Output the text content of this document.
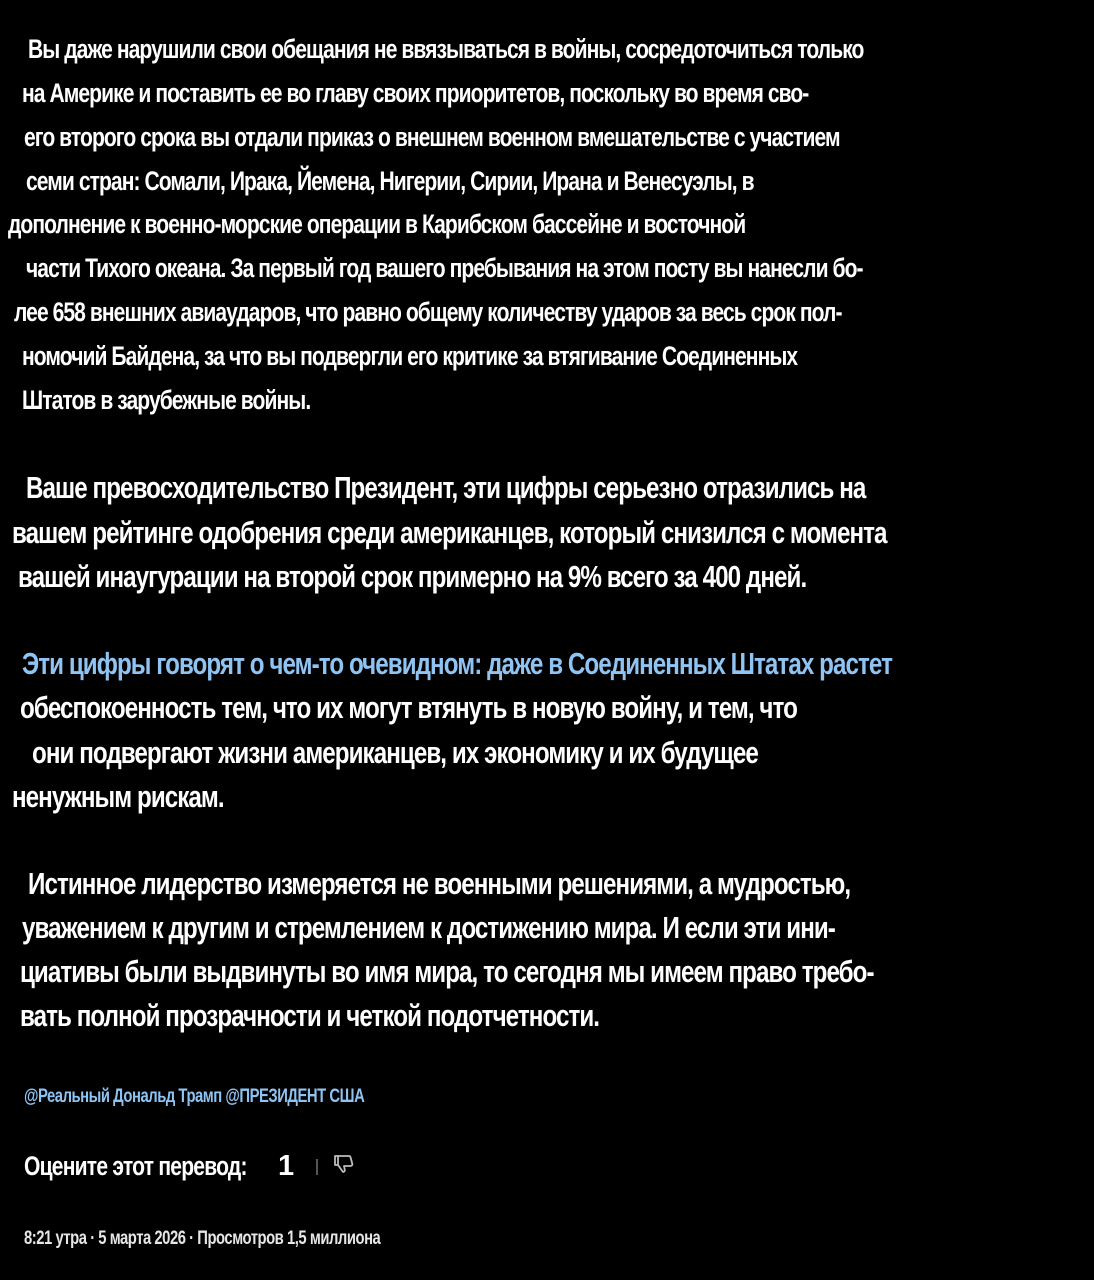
Вы даже нарушили свои обещания не ввязываться в войны, сосредоточиться только
на Америке и поставить ее во главу своих приоритетов, поскольку во время сво-
его второго срока вы отдали приказ о внешнем военном вмешательстве с участием
семи стран: Сомали, Ирака, Йемена, Нигерии, Сирии, Ирана и Венесуэлы, в
дополнение к военно-морские операции в Карибском бассейне и восточной
части Тихого океана. За первый год вашего пребывания на этом посту вы нанесли бо-
лее 658 внешних авиаударов, что равно общему количеству ударов за весь срок пол-
номочий Байдена, за что вы подвергли его критике за втягивание Соединенных
Штатов в зарубежные войны.
Ваше превосходительство Президент, эти цифры серьезно отразились на
вашем рейтинге одобрения среди американцев, который снизился с момента
вашей инаугурации на второй срок примерно на 9% всего за 400 дней.
Эти цифры говорят о чем-то очевидном: даже в Соединенных Штатах растет
обеспокоенность тем, что их могут втянуть в новую войну, и тем, что
они подвергают жизни американцев, их экономику и их будущее
ненужным рискам.
Истинное лидерство измеряется не военными решениями, а мудростью,
уважением к другим и стремлением к достижению мира. И если эти ини-
циативы были выдвинуты во имя мира, то сегодня мы имеем право требо-
вать полной прозрачности и четкой подотчетности.
@Реальный Дональд Трамп @ПРЕЗИДЕНТ США
Оцените этот перевод: 1
8:21 утра · 5 марта 2026 · Просмотров 1,5 миллиона
